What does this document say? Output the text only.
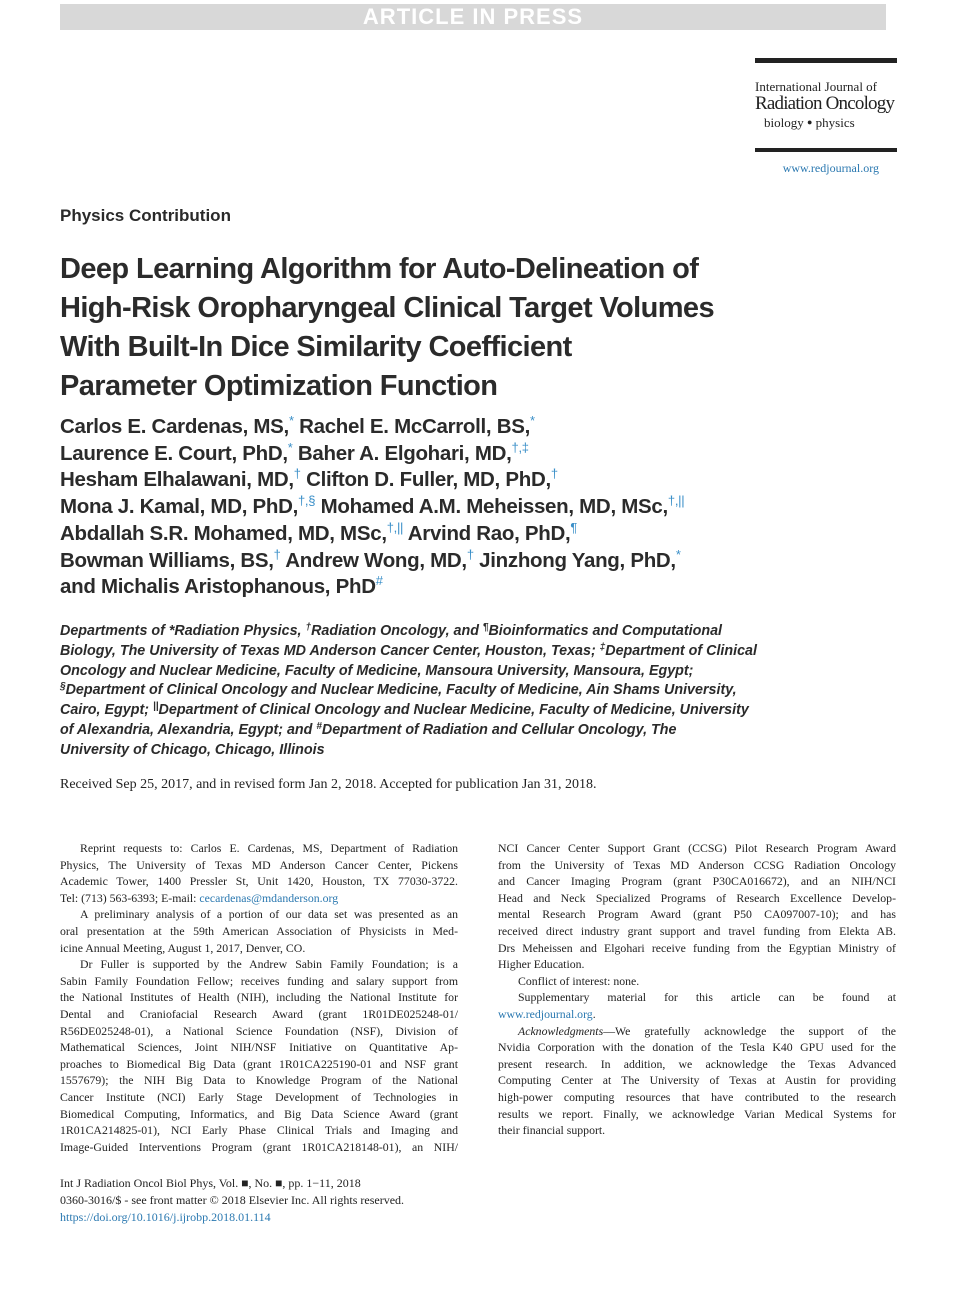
ARTICLE IN PRESS
International Journal of
Radiation Oncology
biology ● physics
www.redjournal.org
Physics Contribution
Deep Learning Algorithm for Auto-Delineation of
High-Risk Oropharyngeal Clinical Target Volumes
With Built-In Dice Similarity Coefficient
Parameter Optimization Function
Carlos E. Cardenas, MS,* Rachel E. McCarroll, BS,*
Laurence E. Court, PhD,* Baher A. Elgohari, MD,†,‡
Hesham Elhalawani, MD,† Clifton D. Fuller, MD, PhD,†
Mona J. Kamal, MD, PhD,†,§ Mohamed A.M. Meheissen, MD, MSc,†,||
Abdallah S.R. Mohamed, MD, MSc,†,|| Arvind Rao, PhD,¶
Bowman Williams, BS,† Andrew Wong, MD,† Jinzhong Yang, PhD,*
and Michalis Aristophanous, PhD#
Departments of *Radiation Physics, †Radiation Oncology, and ¶Bioinformatics and Computational
Biology, The University of Texas MD Anderson Cancer Center, Houston, Texas; ‡Department of Clinical
Oncology and Nuclear Medicine, Faculty of Medicine, Mansoura University, Mansoura, Egypt;
§Department of Clinical Oncology and Nuclear Medicine, Faculty of Medicine, Ain Shams University,
Cairo, Egypt; ||Department of Clinical Oncology and Nuclear Medicine, Faculty of Medicine, University
of Alexandria, Alexandria, Egypt; and #Department of Radiation and Cellular Oncology, The
University of Chicago, Chicago, Illinois
Received Sep 25, 2017, and in revised form Jan 2, 2018. Accepted for publication Jan 31, 2018.

Reprint requests to: Carlos E. Cardenas, MS, Department of Radiation
Physics, The University of Texas MD Anderson Cancer Center, Pickens
Academic Tower, 1400 Pressler St, Unit 1420, Houston, TX 77030-3722.
Tel: (713) 563-6393; E-mail: cecardenas@mdanderson.org

A preliminary analysis of a portion of our data set was presented as an
oral presentation at the 59th American Association of Physicists in Med-
icine Annual Meeting, August 1, 2017, Denver, CO.

Dr Fuller is supported by the Andrew Sabin Family Foundation; is a
Sabin Family Foundation Fellow; receives funding and salary support from
the National Institutes of Health (NIH), including the National Institute for
Dental and Craniofacial Research Award (grant 1R01DE025248-01/
R56DE025248-01), a National Science Foundation (NSF), Division of
Mathematical Sciences, Joint NIH/NSF Initiative on Quantitative Ap-
proaches to Biomedical Big Data (grant 1R01CA225190-01 and NSF grant
1557679); the NIH Big Data to Knowledge Program of the National
Cancer Institute (NCI) Early Stage Development of Technologies in
Biomedical Computing, Informatics, and Big Data Science Award (grant
1R01CA214825-01), NCI Early Phase Clinical Trials and Imaging and
Image-Guided Interventions Program (grant 1R01CA218148-01), an NIH/

NCI Cancer Center Support Grant (CCSG) Pilot Research Program Award
from the University of Texas MD Anderson CCSG Radiation Oncology
and Cancer Imaging Program (grant P30CA016672), and an NIH/NCI
Head and Neck Specialized Programs of Research Excellence Develop-
mental Research Program Award (grant P50 CA097007-10); and has
received direct industry grant support and travel funding from Elekta AB.
Drs Meheissen and Elgohari receive funding from the Egyptian Ministry of
Higher Education.

Conflict of interest: none.

Supplementary material for this article can be found at
www.redjournal.org.

Acknowledgments—We gratefully acknowledge the support of the
Nvidia Corporation with the donation of the Tesla K40 GPU used for the
present research. In addition, we acknowledge the Texas Advanced
Computing Center at The University of Texas at Austin for providing
high-power computing resources that have contributed to the research
results we report. Finally, we acknowledge Varian Medical Systems for
their financial support.

Int J Radiation Oncol Biol Phys, Vol. ■, No. ■, pp. 1−11, 2018
0360-3016/$ - see front matter © 2018 Elsevier Inc. All rights reserved.
https://doi.org/10.1016/j.ijrobp.2018.01.114
